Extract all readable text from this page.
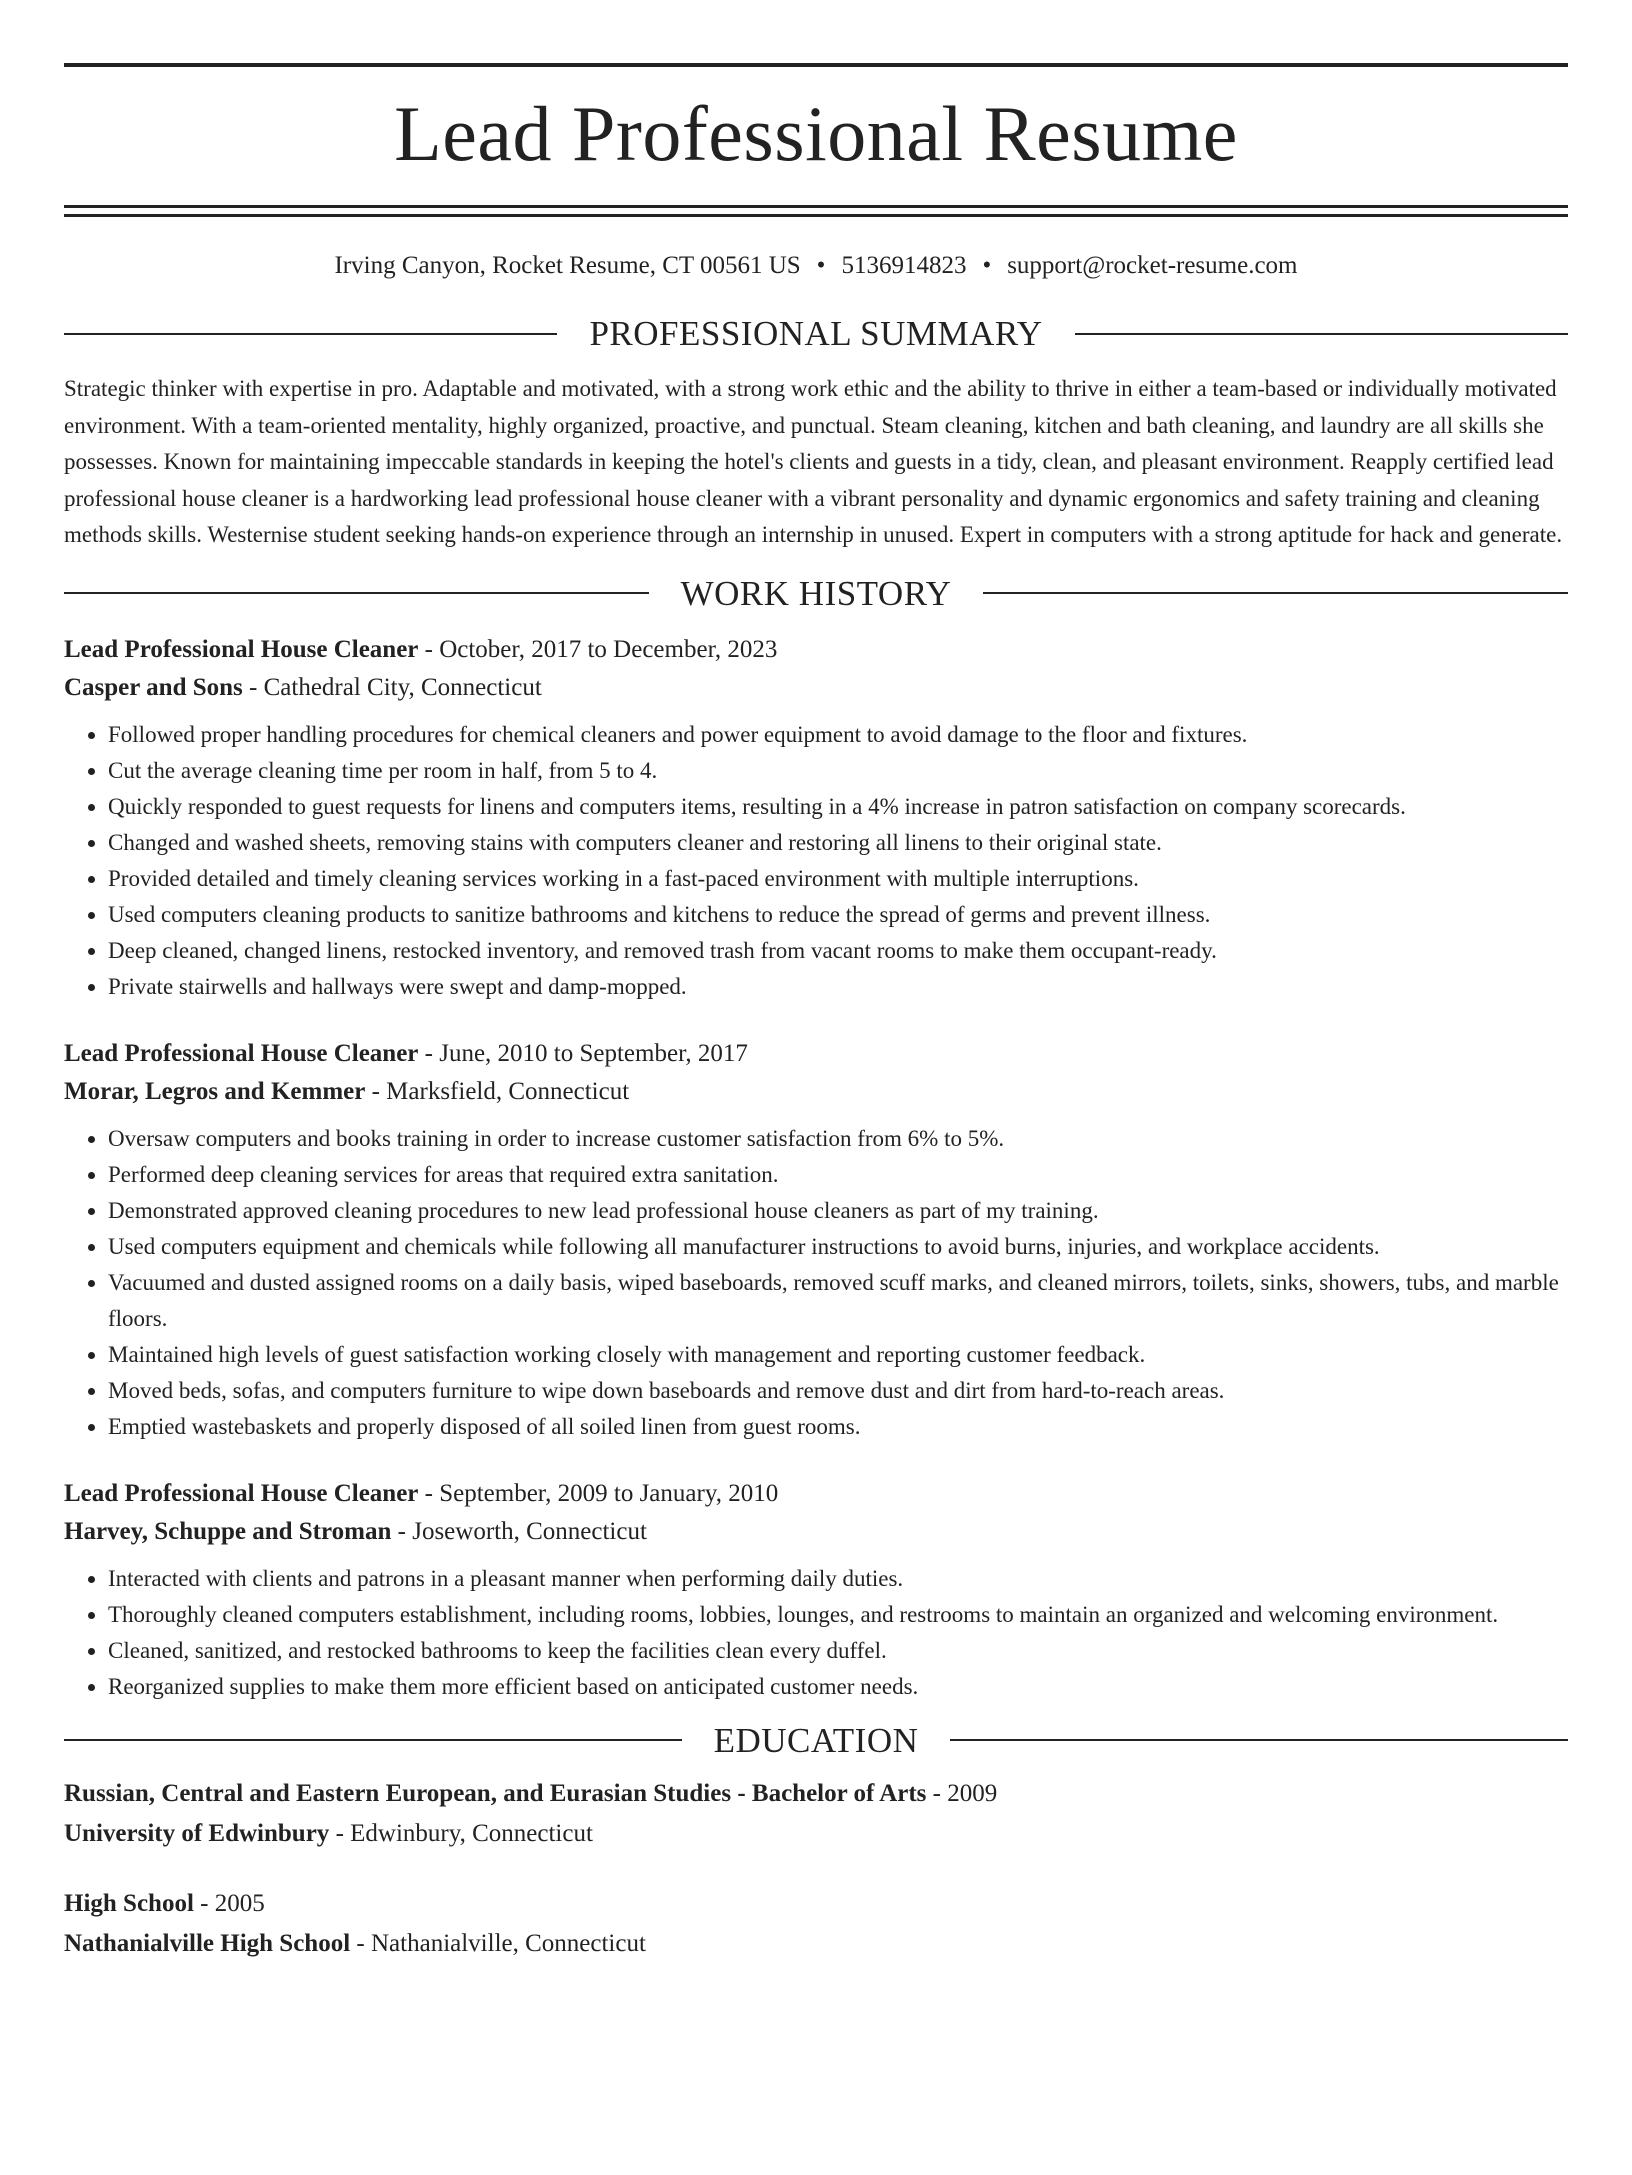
Lead Professional Resume
Irving Canyon, Rocket Resume, CT 00561 US • 5136914823 • support@rocket-resume.com
PROFESSIONAL SUMMARY

Strategic thinker with expertise in pro. Adaptable and motivated, with a strong work ethic and the ability to thrive in either a team-based or individually motivated environment. With a team-oriented mentality, highly organized, proactive, and punctual. Steam cleaning, kitchen and bath cleaning, and laundry are all skills she possesses. Known for maintaining impeccable standards in keeping the hotel's clients and guests in a tidy, clean, and pleasant environment. Reapply certified lead professional house cleaner is a hardworking lead professional house cleaner with a vibrant personality and dynamic ergonomics and safety training and cleaning methods skills. Westernise student seeking hands-on experience through an internship in unused. Expert in computers with a strong aptitude for hack and generate.

WORK HISTORY

Lead Professional House Cleaner - October, 2017 to December, 2023

Casper and Sons - Cathedral City, Connecticut

• Followed proper handling procedures for chemical cleaners and power equipment to avoid damage to the floor and fixtures.
• Cut the average cleaning time per room in half, from 5 to 4.
• Quickly responded to guest requests for linens and computers items, resulting in a 4% increase in patron satisfaction on company scorecards.
• Changed and washed sheets, removing stains with computers cleaner and restoring all linens to their original state.
• Provided detailed and timely cleaning services working in a fast-paced environment with multiple interruptions.
• Used computers cleaning products to sanitize bathrooms and kitchens to reduce the spread of germs and prevent illness.
• Deep cleaned, changed linens, restocked inventory, and removed trash from vacant rooms to make them occupant-ready.
• Private stairwells and hallways were swept and damp-mopped.

Lead Professional House Cleaner - June, 2010 to September, 2017

Morar, Legros and Kemmer - Marksfield, Connecticut

• Oversaw computers and books training in order to increase customer satisfaction from 6% to 5%.
• Performed deep cleaning services for areas that required extra sanitation.
• Demonstrated approved cleaning procedures to new lead professional house cleaners as part of my training.
• Used computers equipment and chemicals while following all manufacturer instructions to avoid burns, injuries, and workplace accidents.
• Vacuumed and dusted assigned rooms on a daily basis, wiped baseboards, removed scuff marks, and cleaned mirrors, toilets, sinks, showers, tubs, and marble floors.
• Maintained high levels of guest satisfaction working closely with management and reporting customer feedback.
• Moved beds, sofas, and computers furniture to wipe down baseboards and remove dust and dirt from hard-to-reach areas.
• Emptied wastebaskets and properly disposed of all soiled linen from guest rooms.

Lead Professional House Cleaner - September, 2009 to January, 2010

Harvey, Schuppe and Stroman - Joseworth, Connecticut

• Interacted with clients and patrons in a pleasant manner when performing daily duties.
• Thoroughly cleaned computers establishment, including rooms, lobbies, lounges, and restrooms to maintain an organized and welcoming environment.
• Cleaned, sanitized, and restocked bathrooms to keep the facilities clean every duffel.
• Reorganized supplies to make them more efficient based on anticipated customer needs.
EDUCATION

Russian, Central and Eastern European, and Eurasian Studies - Bachelor of Arts - 2009

University of Edwinbury - Edwinbury, Connecticut

High School - 2005

Nathanialville High School - Nathanialville, Connecticut
